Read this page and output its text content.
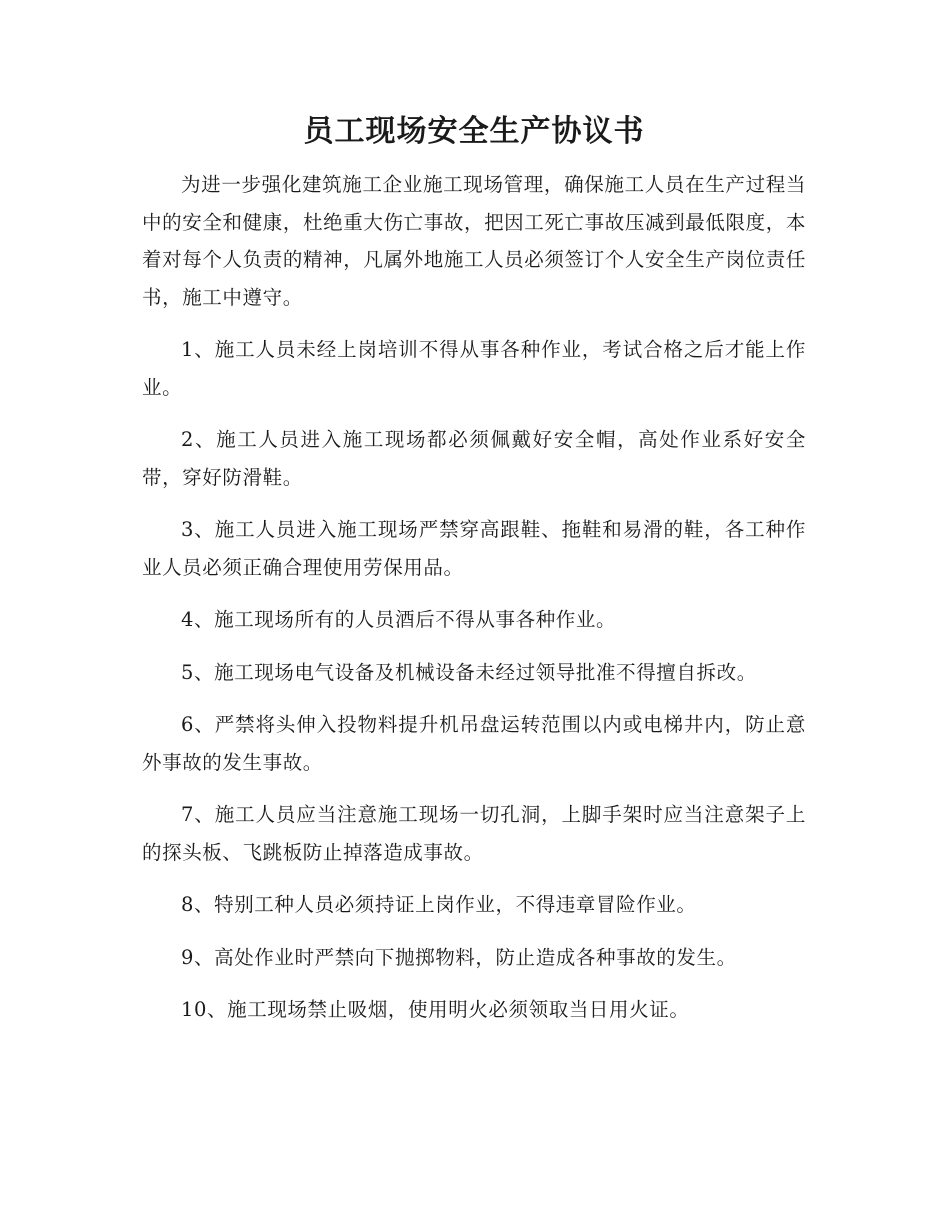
员工现场安全生产协议书

为进一步强化建筑施工企业施工现场管理，确保施工人员在生产过程当中的安全和健康，杜绝重大伤亡事故，把因工死亡事故压减到最低限度，本着对每个人负责的精神，凡属外地施工人员必须签订个人安全生产岗位责任书，施工中遵守。

1、施工人员未经上岗培训不得从事各种作业，考试合格之后才能上作业。

2、施工人员进入施工现场都必须佩戴好安全帽，高处作业系好安全带，穿好防滑鞋。

3、施工人员进入施工现场严禁穿高跟鞋、拖鞋和易滑的鞋，各工种作业人员必须正确合理使用劳保用品。

4、施工现场所有的人员酒后不得从事各种作业。

5、施工现场电气设备及机械设备未经过领导批准不得擅自拆改。

6、严禁将头伸入投物料提升机吊盘运转范围以内或电梯井内，防止意外事故的发生事故。

7、施工人员应当注意施工现场一切孔洞，上脚手架时应当注意架子上的探头板、飞跳板防止掉落造成事故。

8、特别工种人员必须持证上岗作业，不得违章冒险作业。

9、高处作业时严禁向下抛掷物料，防止造成各种事故的发生。

10、施工现场禁止吸烟，使用明火必须领取当日用火证。
